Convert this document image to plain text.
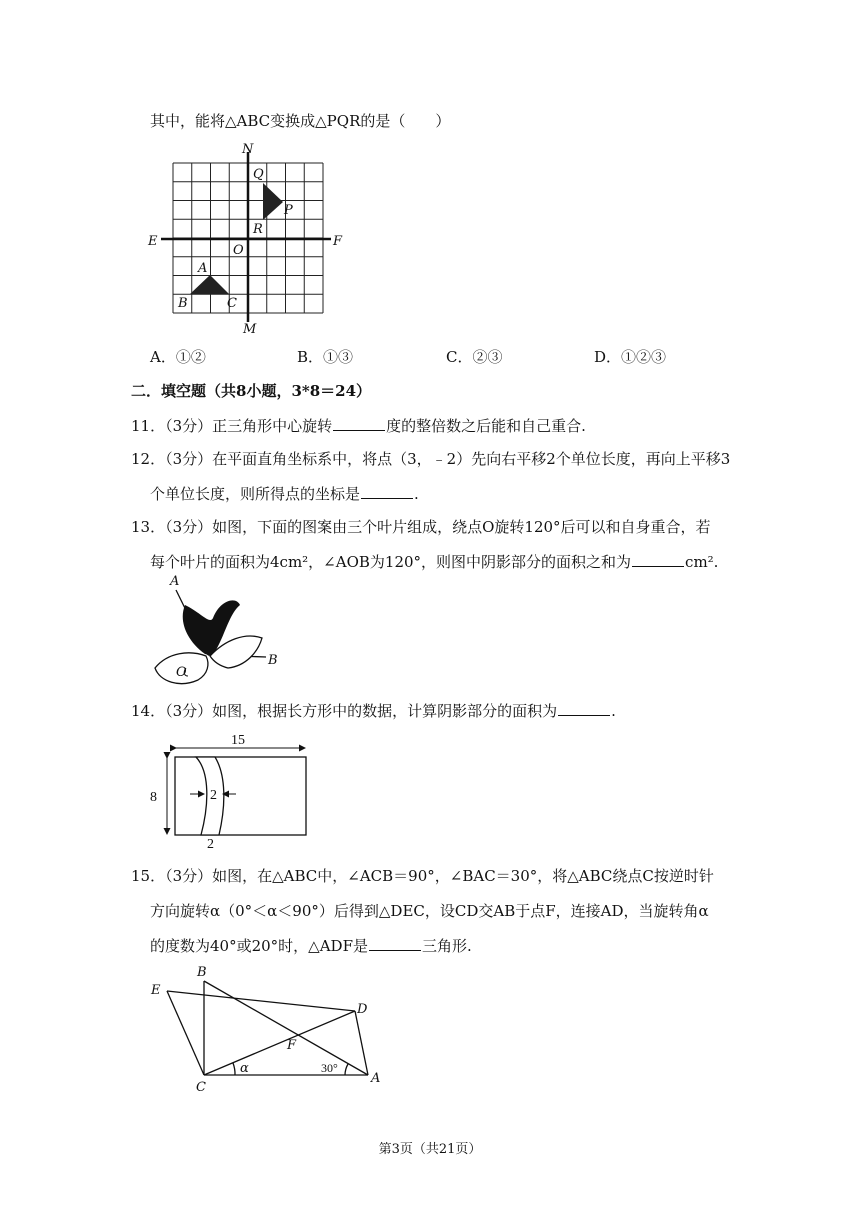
其中，能将△ABC变换成△PQR的是（　　）
N
M
E	F
O
Q
P
R
A
B	C
A．①②	B．①③	C．②③	D．①②③
二．填空题（共8小题，3*8＝24）
11．（3分）正三角形中心旋转	度的整倍数之后能和自己重合.
12．（3分）在平面直角坐标系中，将点（3，﹣2）先向右平移2个单位长度，再向上平移3
个单位长度，则所得点的坐标是	.
13．（3分）如图，下面的图案由三个叶片组成，绕点O旋转120°后可以和自身重合，若
每个叶片的面积为4cm²，∠AOB为120°，则图中阴影部分的面积之和为	cm².
A
B
O
14．（3分）如图，根据长方形中的数据，计算阴影部分的面积为	.
15
8	2
2
15．（3分）如图，在△ABC中，∠ACB＝90°，∠BAC＝30°，将△ABC绕点C按逆时针
方向旋转α（0°＜α＜90°）后得到△DEC，设CD交AB于点F，连接AD，当旋转角α
的度数为40°或20°时，△ADF是	三角形.
E
B
D
F
C
A
α	30°
第3页（共21页）
